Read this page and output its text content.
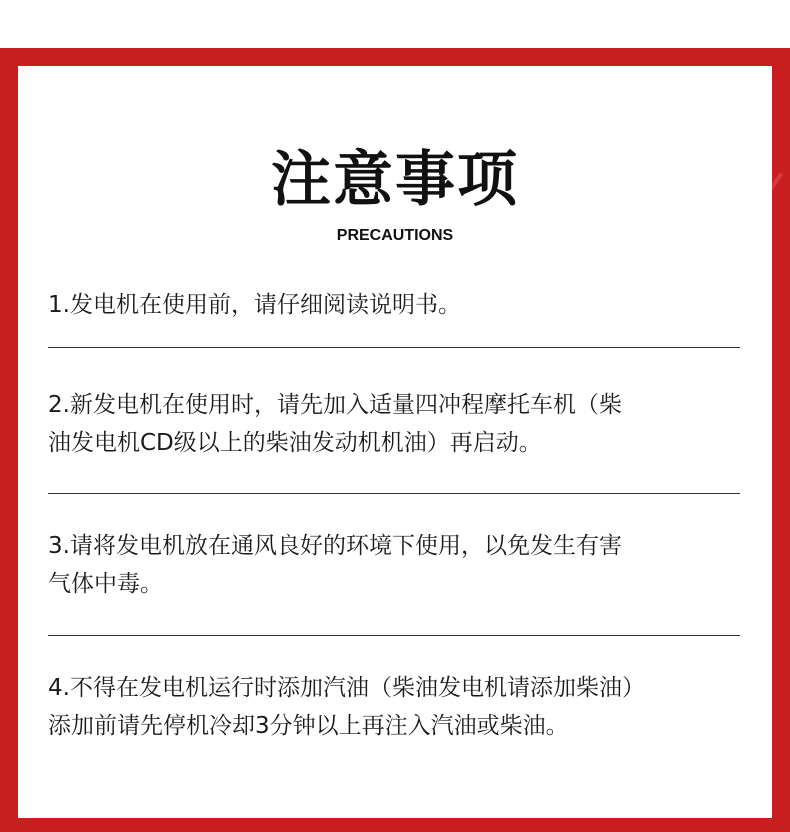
注意事项
PRECAUTIONS
1.发电机在使用前，请仔细阅读说明书。
2.新发电机在使用时，请先加入适量四冲程摩托车机（柴
油发电机CD级以上的柴油发动机机油）再启动。
3.请将发电机放在通风良好的环境下使用，以免发生有害
气体中毒。
4.不得在发电机运行时添加汽油（柴油发电机请添加柴油）
添加前请先停机冷却3分钟以上再注入汽油或柴油。
